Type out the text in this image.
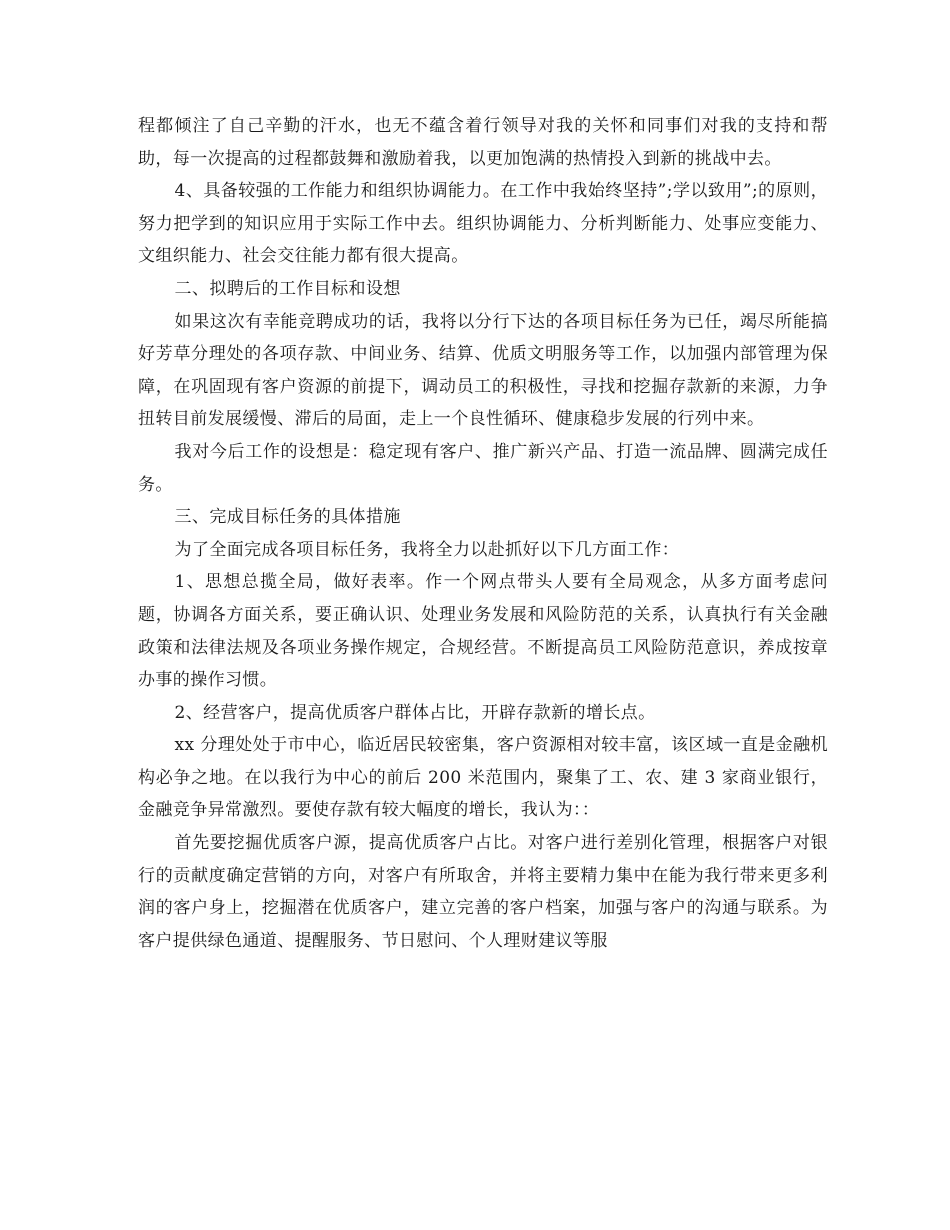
程都倾注了自己辛勤的汗水，也无不蕴含着行领导对我的关怀和同事们对我的支持和帮助，每一次提高的过程都鼓舞和激励着我，以更加饱满的热情投入到新的挑战中去。

4、具备较强的工作能力和组织协调能力。在工作中我始终坚持”;学以致用”;的原则，努力把学到的知识应用于实际工作中去。组织协调能力、分析判断能力、处事应变能力、文组织能力、社会交往能力都有很大提高。

二、拟聘后的工作目标和设想

如果这次有幸能竞聘成功的话，我将以分行下达的各项目标任务为已任，竭尽所能搞好芳草分理处的各项存款、中间业务、结算、优质文明服务等工作，以加强内部管理为保障，在巩固现有客户资源的前提下，调动员工的积极性，寻找和挖掘存款新的来源，力争扭转目前发展缓慢、滞后的局面，走上一个良性循环、健康稳步发展的行列中来。

我对今后工作的设想是：稳定现有客户、推广新兴产品、打造一流品牌、圆满完成任务。

三、完成目标任务的具体措施

为了全面完成各项目标任务，我将全力以赴抓好以下几方面工作：

1、思想总揽全局，做好表率。作一个网点带头人要有全局观念，从多方面考虑问题，协调各方面关系，要正确认识、处理业务发展和风险防范的关系，认真执行有关金融政策和法律法规及各项业务操作规定，合规经营。不断提高员工风险防范意识，养成按章办事的操作习惯。

2、经营客户，提高优质客户群体占比，开辟存款新的增长点。

xx 分理处处于市中心，临近居民较密集，客户资源相对较丰富，该区域一直是金融机构必争之地。在以我行为中心的前后 200 米范围内，聚集了工、农、建 3 家商业银行，金融竞争异常激烈。要使存款有较大幅度的增长，我认为：：

首先要挖掘优质客户源，提高优质客户占比。对客户进行差别化管理，根据客户对银行的贡献度确定营销的方向，对客户有所取舍，并将主要精力集中在能为我行带来更多利润的客户身上，挖掘潜在优质客户，建立完善的客户档案，加强与客户的沟通与联系。为客户提供绿色通道、提醒服务、节日慰问、个人理财建议等服
